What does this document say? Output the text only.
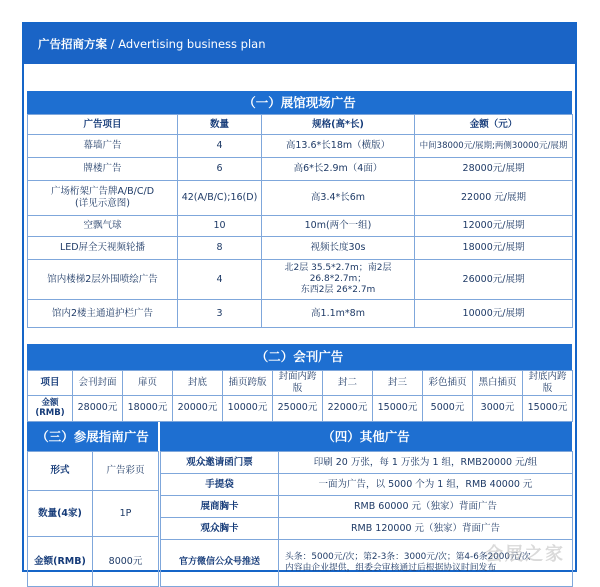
广告招商方案 / Advertising business plan
（一）展馆现场广告
广告项目	数量	规格(高*长)	金额（元）
幕墙广告	4	高13.6*长18m（横版）	中间38000元/展期;两侧30000元/展期
牌楼广告	6	高6*长2.9m（4面）	28000元/展期
广场桁架广告牌A/B/C/D
(详见示意图)	42(A/B/C);16(D)	高3.4*长6m	22000 元/展期
空飘气球	10	10m(两个一组)	12000元/展期
LED屏全天视频轮播	8	视频长度30s	18000元/展期
馆内楼梯2层外围喷绘广告	4	北2层 35.5*2.7m；南2层 26.8*2.7m；
东西2层 26*2.7m	26000元/展期
馆内2楼主通道护栏广告	3	高1.1m*8m	10000元/展期
（二）会刊广告
项目	会刊封面	扉页	封底	插页跨版	封面内跨版	封二	封三	彩色插页	黑白插页	封底内跨版
金额(RMB)	28000元	18000元	20000元	10000元	25000元	22000元	15000元	5000元	3000元	15000元
（三）参展指南广告
形式	广告彩页
数量(4家)	1P
金额(RMB)	8000元
（四）其他广告
观众邀请函门票	印刷 20 万张，每 1 万张为 1 组，RMB20000 元/组
手提袋	一面为广告，以 5000 个为 1 组，RMB 40000 元
展商胸卡	RMB 60000 元（独家）背面广告
观众胸卡	RMB 120000 元（独家）背面广告
官方微信公众号推送	头条：5000元/次；第2-3条：3000元/次；第4-6条2000元/次
内容由企业提供，组委会审核通过后根据协议时间发布
会展之家
